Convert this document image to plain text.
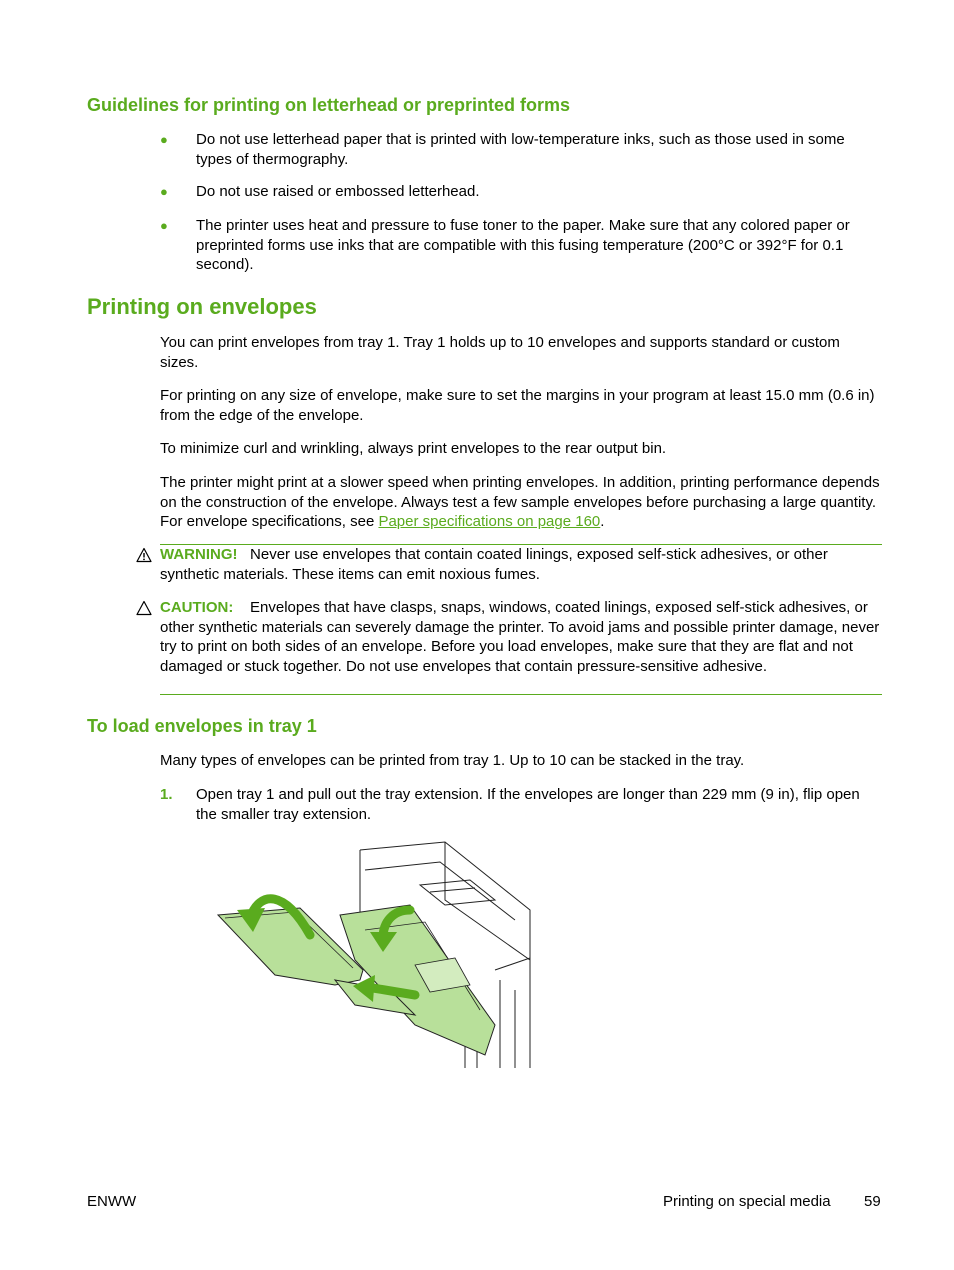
Guidelines for printing on letterhead or preprinted forms
● Do not use letterhead paper that is printed with low-temperature inks, such as those used in some types of thermography.
● Do not use raised or embossed letterhead.
● The printer uses heat and pressure to fuse toner to the paper. Make sure that any colored paper or preprinted forms use inks that are compatible with this fusing temperature (200°C or 392°F for 0.1 second).
Printing on envelopes

You can print envelopes from tray 1. Tray 1 holds up to 10 envelopes and supports standard or custom sizes.

For printing on any size of envelope, make sure to set the margins in your program at least 15.0 mm (0.6 in) from the edge of the envelope.

To minimize curl and wrinkling, always print envelopes to the rear output bin.

The printer might print at a slower speed when printing envelopes. In addition, printing performance depends on the construction of the envelope. Always test a few sample envelopes before purchasing a large quantity. For envelope specifications, see Paper specifications on page 160.

WARNING! Never use envelopes that contain coated linings, exposed self-stick adhesives, or other synthetic materials. These items can emit noxious fumes.

CAUTION: Envelopes that have clasps, snaps, windows, coated linings, exposed self-stick adhesives, or other synthetic materials can severely damage the printer. To avoid jams and possible printer damage, never try to print on both sides of an envelope. Before you load envelopes, make sure that they are flat and not damaged or stuck together. Do not use envelopes that contain pressure-sensitive adhesive.

To load envelopes in tray 1

Many types of envelopes can be printed from tray 1. Up to 10 can be stacked in the tray.

1. Open tray 1 and pull out the tray extension. If the envelopes are longer than 229 mm (9 in), flip open the smaller tray extension.
ENWW	Printing on special media 59
